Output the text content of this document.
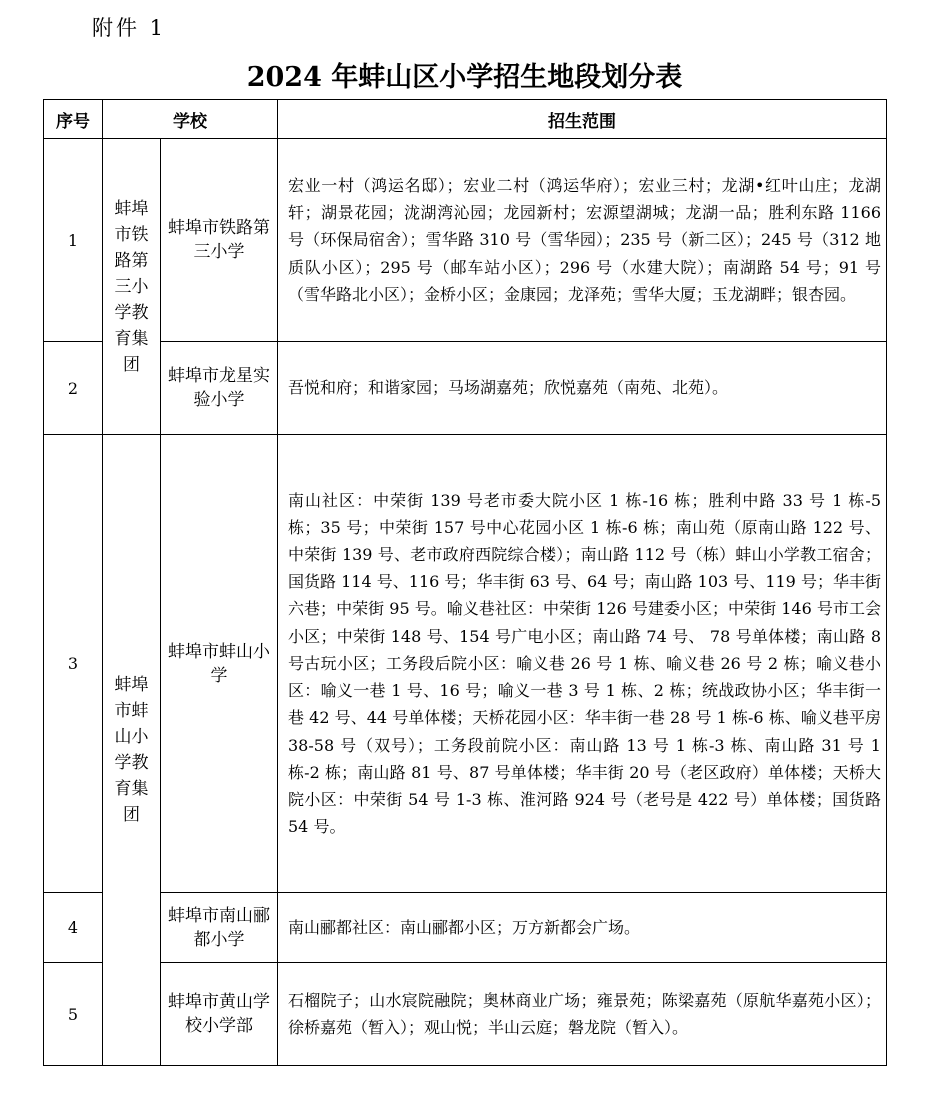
附件 1
2024 年蚌山区小学招生地段划分表
序号	学校		招生范围
1	蚌埠市铁路第三小学教育集团	蚌埠市铁路第三小学	宏业一村（鸿运名邸）；宏业二村（鸿运华府）；宏业三村；龙湖•红叶山庄；龙湖轩；湖景花园；泷湖湾沁园；龙园新村；宏源望湖城；龙湖一品；胜利东路 1166 号（环保局宿舍）；雪华路 310 号（雪华园）；235 号（新二区）；245 号（312 地质队小区）；295 号（邮车站小区）；296 号（水建大院）；南湖路 54 号；91 号（雪华路北小区）；金桥小区；金康园；龙泽苑；雪华大厦；玉龙湖畔；银杏园。

2		蚌埠市龙星实验小学	吾悦和府；和谐家园；马场湖嘉苑；欣悦嘉苑（南苑、北苑）。

3	蚌埠市蚌山小学教育集团	蚌埠市蚌山小学	南山社区：中荣街 139 号老市委大院小区 1 栋-16 栋；胜利中路 33 号 1 栋-5 栋；35 号；中荣街 157 号中心花园小区 1 栋-6 栋；南山苑（原南山路 122 号、中荣街 139 号、老市政府西院综合楼）；南山路 112 号（栋）蚌山小学教工宿舍；国货路 114 号、116 号；华丰街 63 号、64 号；南山路 103 号、119 号；华丰街六巷；中荣街 95 号。喻义巷社区：中荣街 126 号建委小区；中荣街 146 号市工会小区；中荣街 148 号、154 号广电小区；南山路 74 号、 78 号单体楼；南山路 8 号古玩小区；工务段后院小区：喻义巷 26 号 1 栋、喻义巷 26 号 2 栋；喻义巷小区：喻义一巷 1 号、16 号；喻义一巷 3 号 1 栋、2 栋；统战政协小区；华丰街一巷 42 号、44 号单体楼；天桥花园小区：华丰街一巷 28 号 1 栋-6 栋、喻义巷平房 38-58 号（双号）；工务段前院小区：南山路 13 号 1 栋-3 栋、南山路 31 号 1 栋-2 栋；南山路 81 号、87 号单体楼；华丰街 20 号（老区政府）单体楼；天桥大院小区：中荣街 54 号 1-3 栋、淮河路 924 号（老号是 422 号）单体楼；国货路 54 号。

4		蚌埠市南山郦都小学	南山郦都社区：南山郦都小区；万方新都会广场。

5		蚌埠市黄山学校小学部	石榴院子；山水宸院融院；奥林商业广场；雍景苑；陈梁嘉苑（原航华嘉苑小区）；徐桥嘉苑（暂入）；观山悦；半山云庭；磐龙院（暂入）。
